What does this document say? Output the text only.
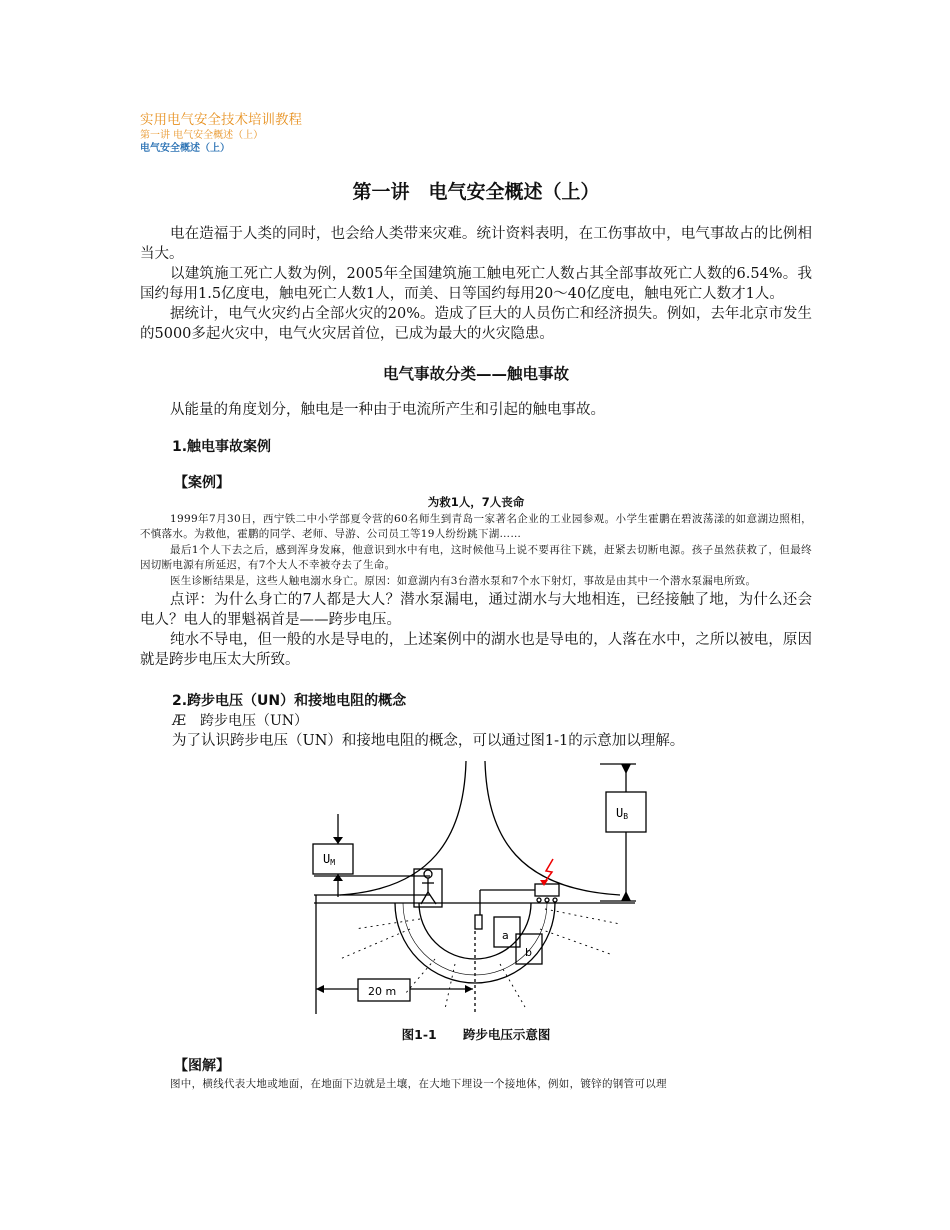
实用电气安全技术培训教程
第一讲 电气安全概述（上）
电气安全概述（上）
第一讲　电气安全概述（上）

电在造福于人类的同时，也会给人类带来灾难。统计资料表明，在工伤事故中，电气事故占的比例相当大。

以建筑施工死亡人数为例，2005年全国建筑施工触电死亡人数占其全部事故死亡人数的6.54%。我国约每用1.5亿度电，触电死亡人数1人，而美、日等国约每用20～40亿度电，触电死亡人数才1人。

据统计，电气火灾约占全部火灾的20%。造成了巨大的人员伤亡和经济损失。例如，去年北京市发生的5000多起火灾中，电气火灾居首位，已成为最大的火灾隐患。

电气事故分类——触电事故

从能量的角度划分，触电是一种由于电流所产生和引起的触电事故。

1.触电事故案例
【案例】
为救1人，7人丧命

1999年7月30日，西宁铁二中小学部夏令营的60名师生到青岛一家著名企业的工业园参观。小学生霍鹏在碧波荡漾的如意湖边照相，不慎落水。为救他，霍鹏的同学、老师、导游、公司员工等19人纷纷跳下湖……

最后1个人下去之后，感到浑身发麻，他意识到水中有电，这时候他马上说不要再往下跳，赶紧去切断电源。孩子虽然获救了，但最终因切断电源有所延迟，有7个大人不幸被夺去了生命。

医生诊断结果是，这些人触电溺水身亡。原因：如意湖内有3台潜水泵和7个水下射灯，事故是由其中一个潜水泵漏电所致。

点评：为什么身亡的7人都是大人？潜水泵漏电，通过湖水与大地相连，已经接触了地，为什么还会电人？电人的罪魁祸首是——跨步电压。

纯水不导电，但一般的水是导电的，上述案例中的湖水也是导电的，人落在水中，之所以被电，原因就是跨步电压太大所致。

2.跨步电压（UN）和接地电阻的概念
Æ　跨步电压（UN）

为了认识跨步电压（UN）和接地电阻的概念，可以通过图1-1的示意加以理解。

UB
UM
a
b
20 m
图1-1 跨步电压示意图
【图解】

图中，横线代表大地或地面，在地面下边就是土壤，在大地下埋设一个接地体，例如，镀锌的钢管可以理
